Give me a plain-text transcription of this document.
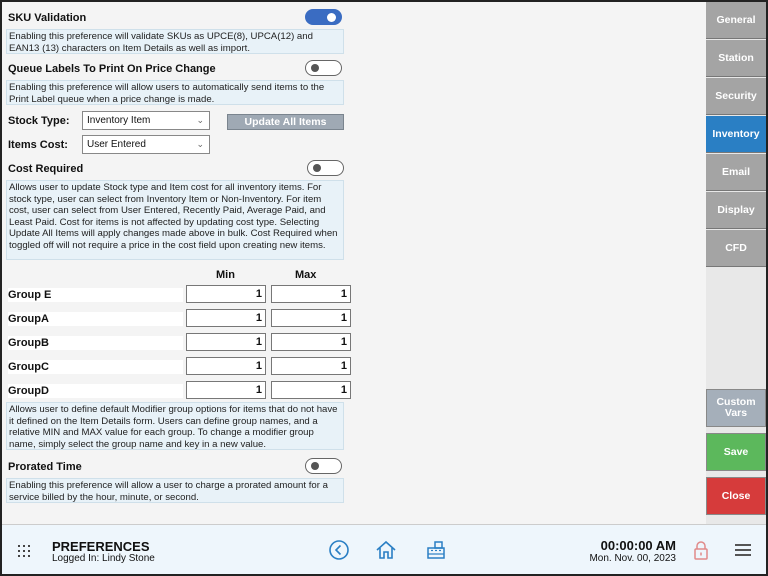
SKU Validation
Enabling this preference will validate SKUs as UPCE(8), UPCA(12) and EAN13 (13) characters on Item Details as well as import.
Queue Labels To Print On Price Change
Enabling this preference will allow users to automatically send items to the Print Label queue when a price change is made.
Stock Type:	Inventory Item	⌄	Update All Items
Items Cost:	User Entered	⌄
Cost Required
Allows user to update Stock type and Item cost for all inventory items. For stock type, user can select from Inventory Item or Non-Inventory. For item cost, user can select from User Entered, Recently Paid, Average Paid, and Least Paid. Cost for items is not affected by updating cost type. Selecting Update All Items will apply changes made above in bulk. Cost Required when toggled off will not require a price in the cost field upon creating new items.
Min	Max
Group E	1	1
GroupA	1	1
GroupB	1	1
GroupC	1	1
GroupD	1	1
Allows user to define default Modifier group options for items that do not have it defined on the Item Details form. Users can define group names, and a relative MIN and MAX value for each group. To change a modifier group name, simply select the group name and key in a new value.
Prorated Time
Enabling this preference will allow a user to charge a prorated amount for a service billed by the hour, minute, or second.
General
Station
Security
Inventory
Email
Display
CFD
Custom
Vars
Save
Close
PREFERENCES
Logged In: Lindy Stone
00:00:00 AM
Mon. Nov. 00, 2023
